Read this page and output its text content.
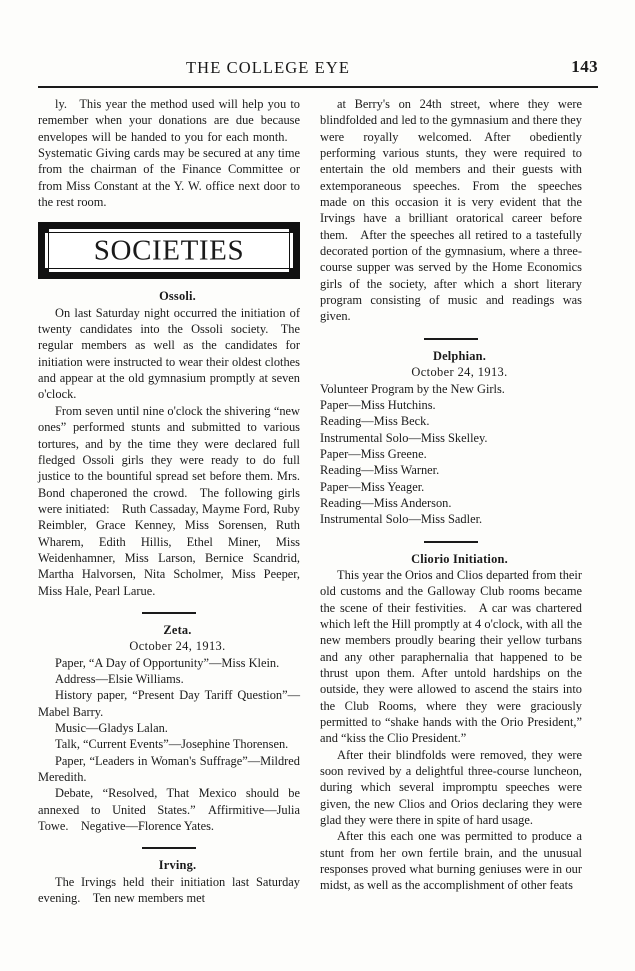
THE COLLEGE EYE	143

ly. This year the method used will help you to remember when your donations are due because envelopes will be handed to you for each month. Systematic Giving cards may be secured at any time from the chairman of the Finance Committee or from Miss Constant at the Y. W. office next door to the rest room.

SOCIETIES

Ossoli.

On last Saturday night occurred the initiation of twenty candidates into the Ossoli society. The regular members as well as the candidates for initiation were instructed to wear their oldest clothes and appear at the old gymnasium promptly at seven o'clock.

From seven until nine o'clock the shivering “new ones” performed stunts and submitted to various tortures, and by the time they were declared full fledged Ossoli girls they were ready to do full justice to the bountiful spread set before them. Mrs. Bond chaperoned the crowd. The following girls were initiated: Ruth Cassaday, Mayme Ford, Ruby Reimbler, Grace Kenney, Miss Sorensen, Ruth Wharem, Edith Hillis, Ethel Miner, Miss Weidenhamner, Miss Larson, Bernice Scandrid, Martha Halvorsen, Nita Scholmer, Miss Peeper, Miss Hale, Pearl Larue.

Zeta.

October 24, 1913.

Paper, “A Day of Opportunity”—Miss Klein.

Address—Elsie Williams.

History paper, “Present Day Tariff Question”—Mabel Barry.

Music—Gladys Lalan.

Talk, “Current Events”—Josephine Thorensen.

Paper, “Leaders in Woman's Suffrage”—Mildred Meredith.

Debate, “Resolved, That Mexico should be annexed to United States.” Affirmitive—Julia Towe. Negative—Florence Yates.

Irving.

The Irvings held their initiation last Saturday evening. Ten new members met

at Berry's on 24th street, where they were blindfolded and led to the gymnasium and there they were royally welcomed. After obediently performing various stunts, they were required to entertain the old members and their guests with extemporaneous speeches. From the speeches made on this occasion it is very evident that the Irvings have a brilliant oratorical career before them. After the speeches all retired to a tastefully decorated portion of the gymnasium, where a three-course supper was served by the Home Economics girls of the society, after which a short literary program consisting of music and readings was given.

Delphian.

October 24, 1913.

Volunteer Program by the New Girls.

Paper—Miss Hutchins.

Reading—Miss Beck.

Instrumental Solo—Miss Skelley.

Paper—Miss Greene.

Reading—Miss Warner.

Paper—Miss Yeager.

Reading—Miss Anderson.

Instrumental Solo—Miss Sadler.

Cliorio Initiation.

This year the Orios and Clios departed from their old customs and the Galloway Club rooms became the scene of their festivities. A car was chartered which left the Hill promptly at 4 o'clock, with all the new members proudly bearing their yellow turbans and any other paraphernalia that happened to be thrust upon them. After untold hardships on the outside, they were allowed to ascend the stairs into the Club Rooms, where they were graciously permitted to “shake hands with the Orio President,” and “kiss the Clio President.”

After their blindfolds were removed, they were soon revived by a delightful three-course luncheon, during which several impromptu speeches were given, the new Clios and Orios declaring they were glad they were there in spite of hard usage.

After this each one was permitted to produce a stunt from her own fertile brain, and the unusual responses proved what burning geniuses were in our midst, as well as the accomplishment of other feats
